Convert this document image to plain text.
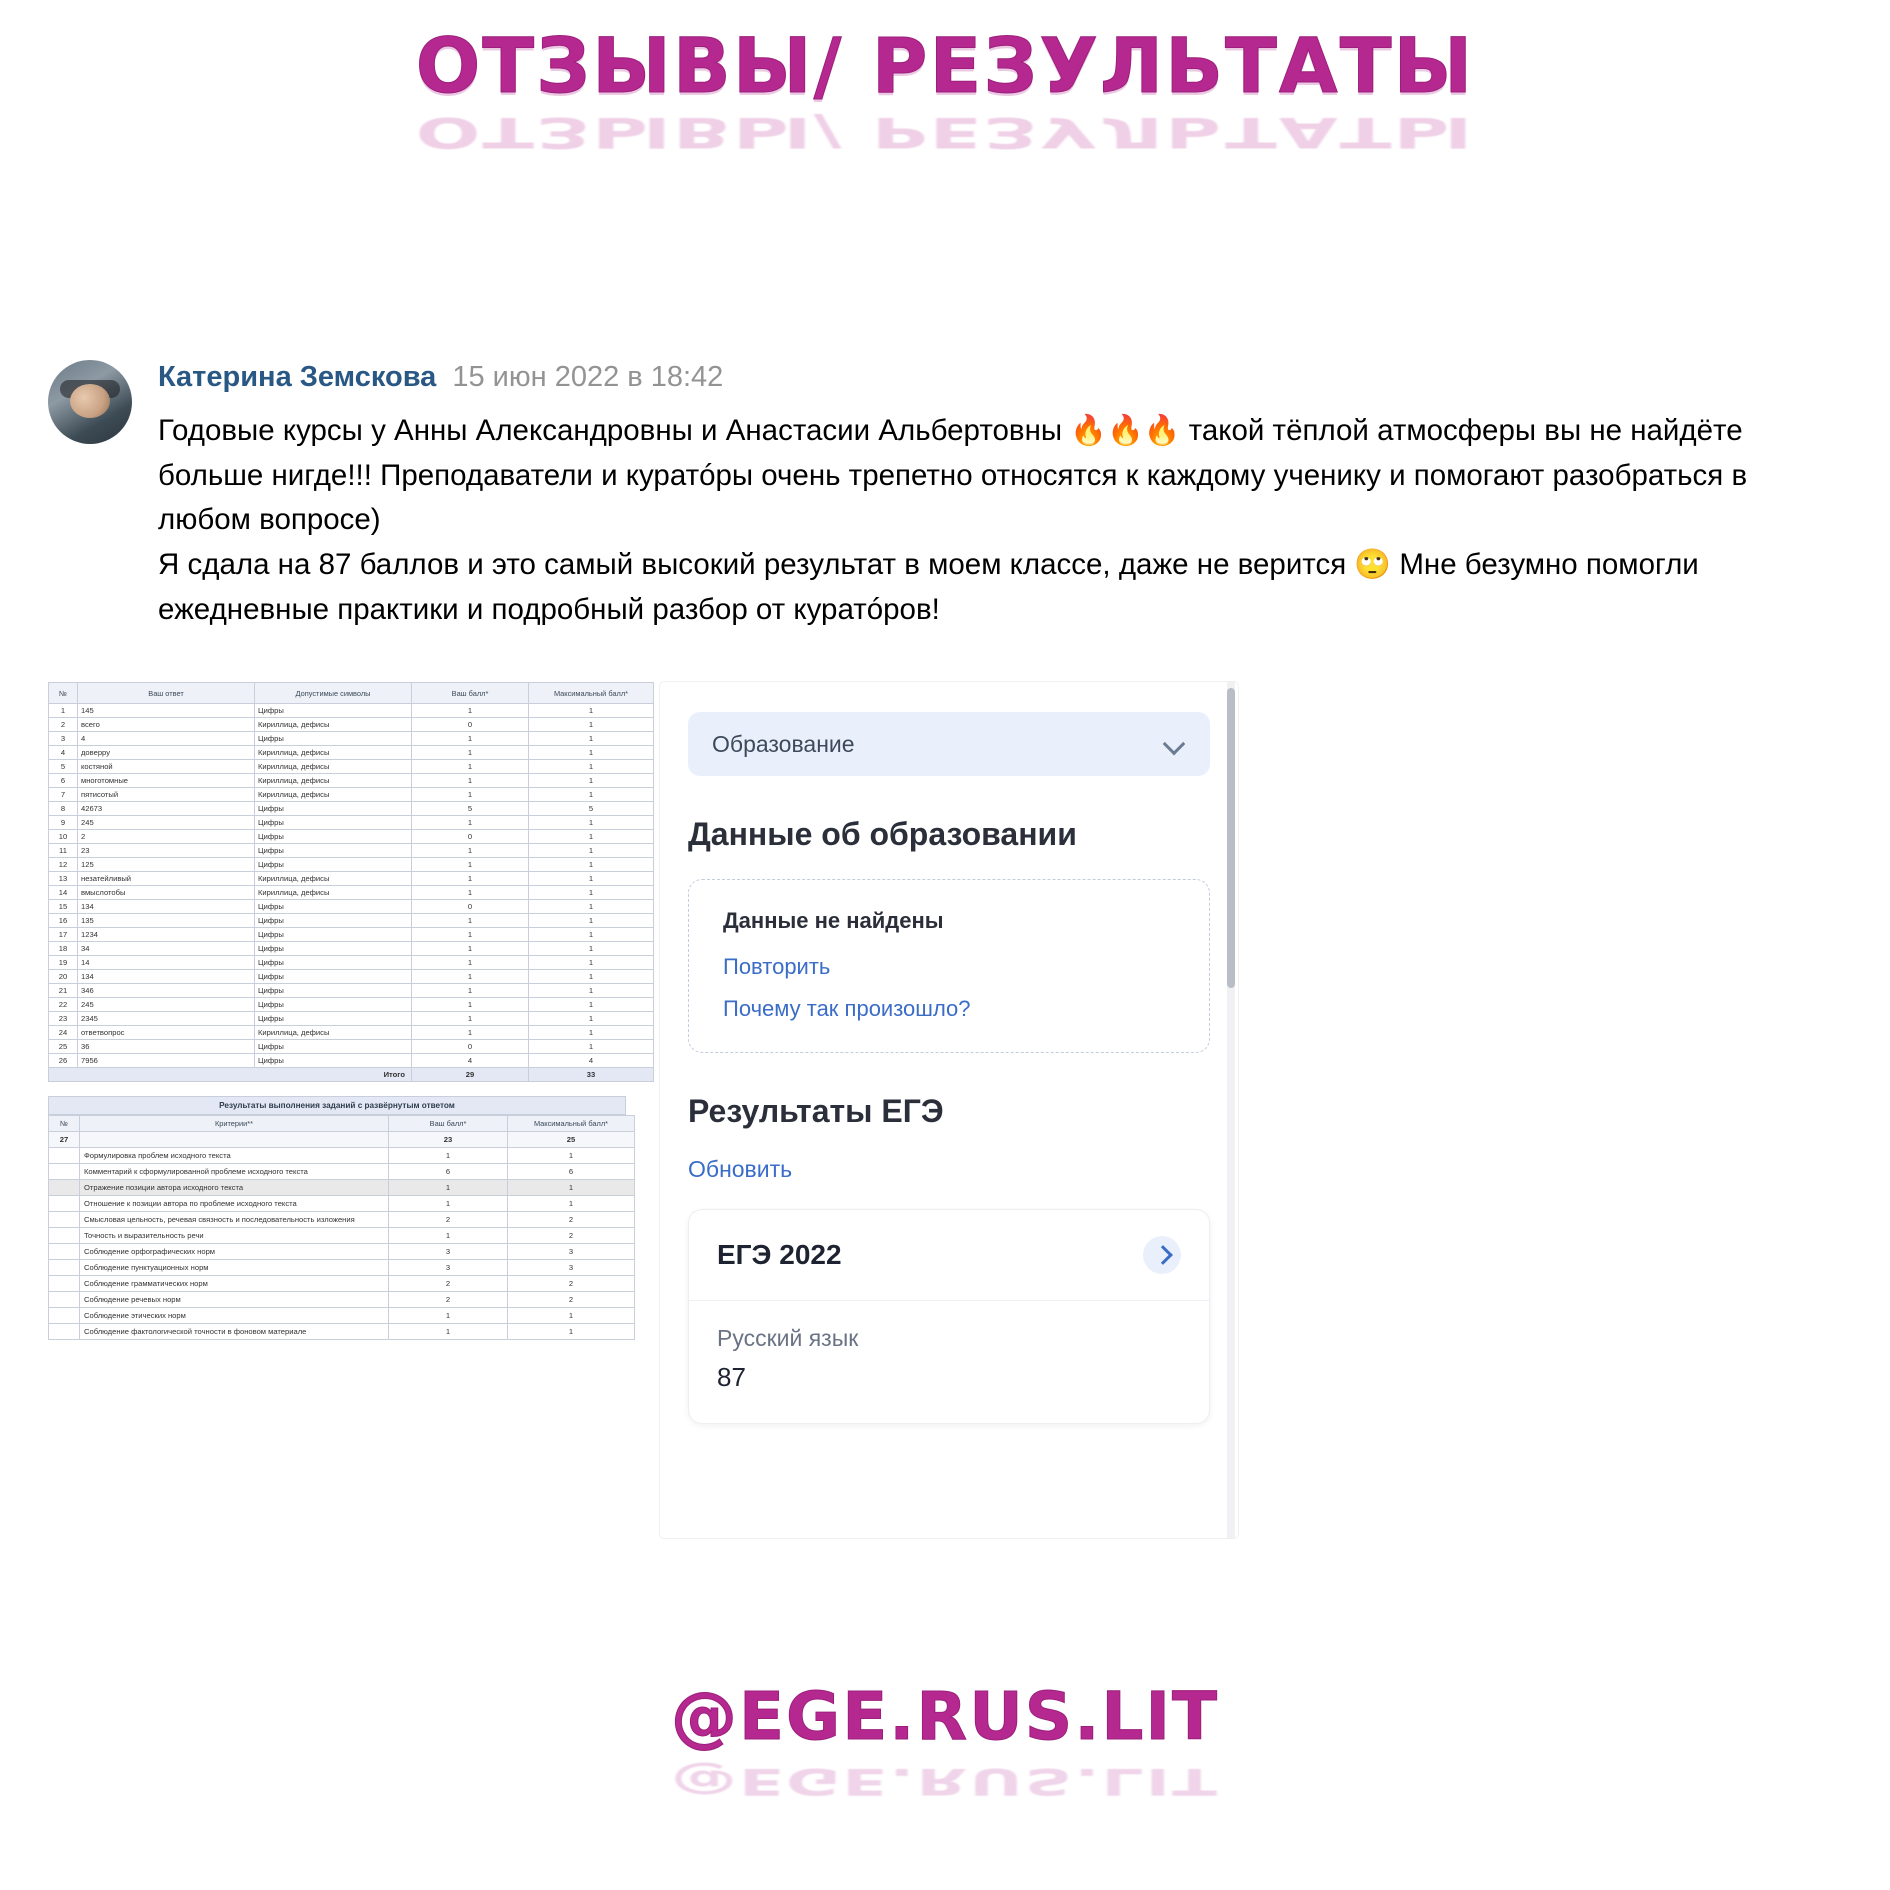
ОТЗЫВЫ/ РЕЗУЛЬТАТЫ
ОТЗЫВЫ/ РЕЗУЛЬТАТЫ
Катерина Земскова 15 июн 2022 в 18:42

Годовые курсы у Анны Александровны и Анастасии Альбертовны 🔥🔥🔥 такой тёплой атмосферы вы не найдёте больше нигде!!! Преподаватели и куратóры очень трепетно относятся к каждому ученику и помогают разобраться в любом вопросе)

Я сдала на 87 баллов и это самый высокий результат в моем классе, даже не верится 🙄 Мне безумно помогли ежедневные практики и подробный разбор от куратóров!

№	Ваш ответ	Допустимые символы	Ваш балл*	Максимальный балл*
1	145	Цифры	1	1
2	всего	Кириллица, дефисы	0	1
3	4	Цифры	1	1
4	доверру	Кириллица, дефисы	1	1
5	костяной	Кириллица, дефисы	1	1
6	многотомные	Кириллица, дефисы	1	1
7	пятисотый	Кириллица, дефисы	1	1
8	42673	Цифры	5	5
9	245	Цифры	1	1
10	2	Цифры	0	1
11	23	Цифры	1	1
12	125	Цифры	1	1
13	незатейливый	Кириллица, дефисы	1	1
14	вмыслотобы	Кириллица, дефисы	1	1
15	134	Цифры	0	1
16	135	Цифры	1	1
17	1234	Цифры	1	1
18	34	Цифры	1	1
19	14	Цифры	1	1
20	134	Цифры	1	1
21	346	Цифры	1	1
22	245	Цифры	1	1
23	2345	Цифры	1	1
24	ответвопрос	Кириллица, дефисы	1	1
25	36	Цифры	0	1
26	7956	Цифры	4	4
Итого			29	33
Результаты выполнения заданий с развёрнутым ответом
№	Критерии**	Ваш балл*	Максимальный балл*
27		23	25
	Формулировка проблем исходного текста	1	1
	Комментарий к сформулированной проблеме исходного текста	6	6
	Отражение позиции автора исходного текста	1	1
	Отношение к позиции автора по проблеме исходного текста	1	1
	Смысловая цельность, речевая связность и последовательность изложения	2	2
	Точность и выразительность речи	1	2
	Соблюдение орфографических норм	3	3
	Соблюдение пунктуационных норм	3	3
	Соблюдение грамматических норм	2	2
	Соблюдение речевых норм	2	2
	Соблюдение этических норм	1	1
	Соблюдение фактологической точности в фоновом материале	1	1
Образование
Данные об образовании
Данные не найдены
Повторить
Почему так произошло?
Результаты ЕГЭ
Обновить
ЕГЭ 2022
Русский язык
87
@EGE.RUS.LIT
@EGE.RUS.LIT
